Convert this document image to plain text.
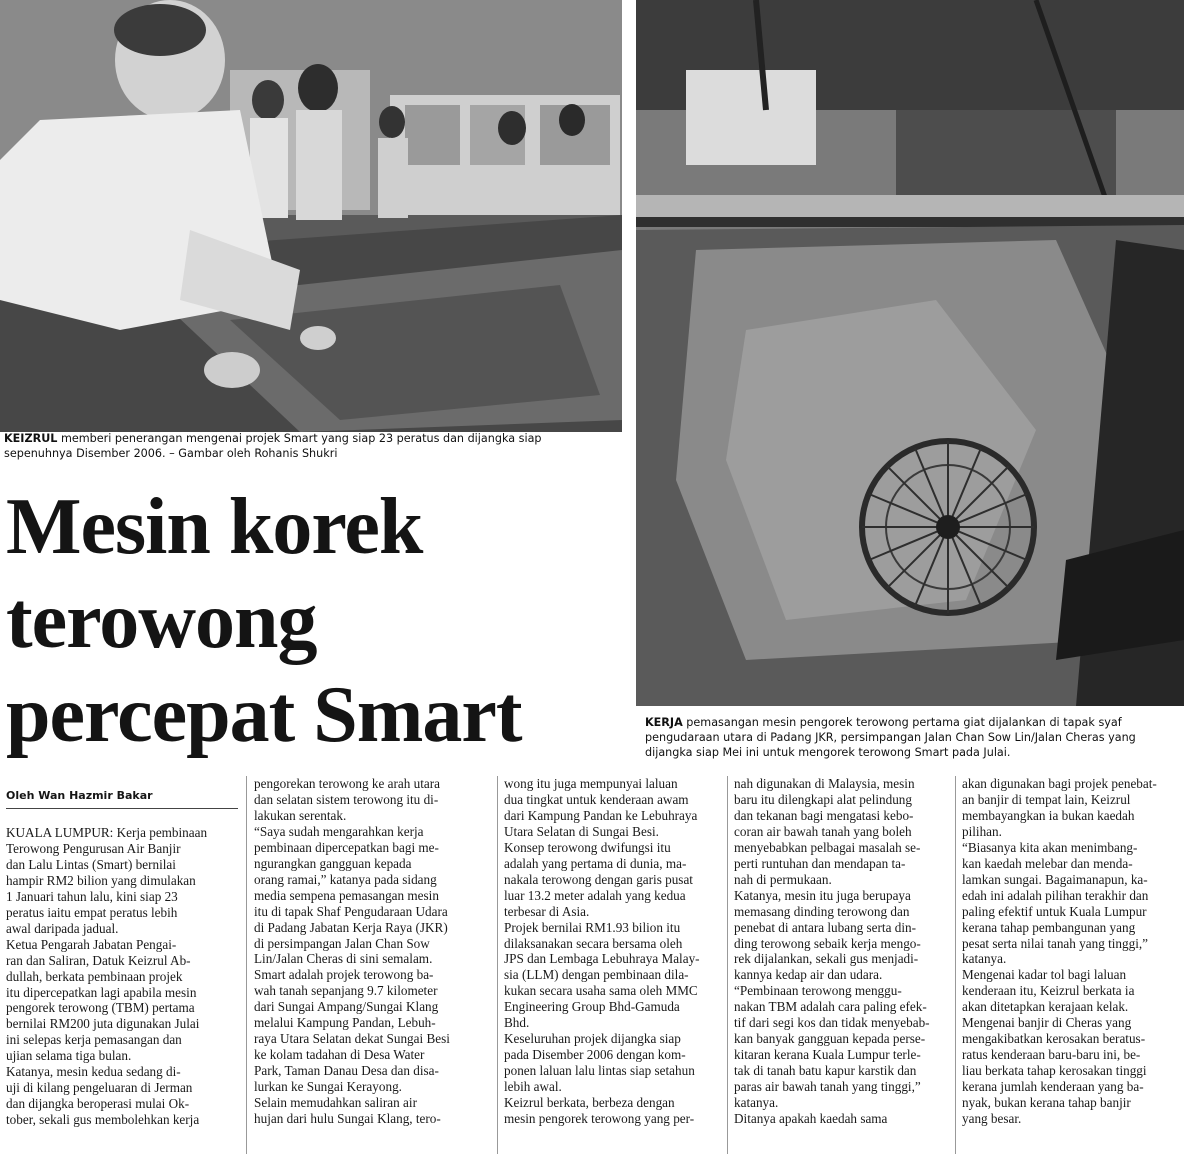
KEIZRUL memberi penerangan mengenai projek Smart yang siap 23 peratus dan dijangka siap
sepenuhnya Disember 2006. – Gambar oleh Rohanis Shukri
Mesin korek
terowong
percepat Smart	KERJA pemasangan mesin pengorek terowong pertama giat dijalankan di tapak syaf
pengudaraan utara di Padang JKR, persimpangan Jalan Chan Sow Lin/Jalan Cheras yang
dijangka siap Mei ini untuk mengorek terowong Smart pada Julai.
Oleh Wan Hazmir Bakar

KUALA LUMPUR: Kerja pembinaan

Terowong Pengurusan Air Banjir

dan Lalu Lintas (Smart) bernilai

hampir RM2 bilion yang dimulakan

1 Januari tahun lalu, kini siap 23

peratus iaitu empat peratus lebih

awal daripada jadual.

Ketua Pengarah Jabatan Pengai-

ran dan Saliran, Datuk Keizrul Ab-

dullah, berkata pembinaan projek

itu dipercepatkan lagi apabila mesin

pengorek terowong (TBM) pertama

bernilai RM200 juta digunakan Julai

ini selepas kerja pemasangan dan

ujian selama tiga bulan.

Katanya, mesin kedua sedang di-

uji di kilang pengeluaran di Jerman

dan dijangka beroperasi mulai Ok-

tober, sekali gus membolehkan kerja

pengorekan terowong ke arah utara

dan selatan sistem terowong itu di-

lakukan serentak.

“Saya sudah mengarahkan kerja

pembinaan dipercepatkan bagi me-

ngurangkan gangguan kepada

orang ramai,” katanya pada sidang

media sempena pemasangan mesin

itu di tapak Shaf Pengudaraan Udara

di Padang Jabatan Kerja Raya (JKR)

di persimpangan Jalan Chan Sow

Lin/Jalan Cheras di sini semalam.

Smart adalah projek terowong ba-

wah tanah sepanjang 9.7 kilometer

dari Sungai Ampang/Sungai Klang

melalui Kampung Pandan, Lebuh-

raya Utara Selatan dekat Sungai Besi

ke kolam tadahan di Desa Water

Park, Taman Danau Desa dan disa-

lurkan ke Sungai Kerayong.

Selain memudahkan saliran air

hujan dari hulu Sungai Klang, tero-

wong itu juga mempunyai laluan

dua tingkat untuk kenderaan awam

dari Kampung Pandan ke Lebuhraya

Utara Selatan di Sungai Besi.

Konsep terowong dwifungsi itu

adalah yang pertama di dunia, ma-

nakala terowong dengan garis pusat

luar 13.2 meter adalah yang kedua

terbesar di Asia.

Projek bernilai RM1.93 bilion itu

dilaksanakan secara bersama oleh

JPS dan Lembaga Lebuhraya Malay-

sia (LLM) dengan pembinaan dila-

kukan secara usaha sama oleh MMC

Engineering Group Bhd-Gamuda

Bhd.

Keseluruhan projek dijangka siap

pada Disember 2006 dengan kom-

ponen laluan lalu lintas siap setahun

lebih awal.

Keizrul berkata, berbeza dengan

mesin pengorek terowong yang per-

nah digunakan di Malaysia, mesin

baru itu dilengkapi alat pelindung

dan tekanan bagi mengatasi kebo-

coran air bawah tanah yang boleh

menyebabkan pelbagai masalah se-

perti runtuhan dan mendapan ta-

nah di permukaan.

Katanya, mesin itu juga berupaya

memasang dinding terowong dan

penebat di antara lubang serta din-

ding terowong sebaik kerja mengo-

rek dijalankan, sekali gus menjadi-

kannya kedap air dan udara.

“Pembinaan terowong menggu-

nakan TBM adalah cara paling efek-

tif dari segi kos dan tidak menyebab-

kan banyak gangguan kepada perse-

kitaran kerana Kuala Lumpur terle-

tak di tanah batu kapur karstik dan

paras air bawah tanah yang tinggi,”

katanya.

Ditanya apakah kaedah sama

akan digunakan bagi projek penebat-

an banjir di tempat lain, Keizrul

membayangkan ia bukan kaedah

pilihan.

“Biasanya kita akan menimbang-

kan kaedah melebar dan menda-

lamkan sungai. Bagaimanapun, ka-

edah ini adalah pilihan terakhir dan

paling efektif untuk Kuala Lumpur

kerana tahap pembangunan yang

pesat serta nilai tanah yang tinggi,”

katanya.

Mengenai kadar tol bagi laluan

kenderaan itu, Keizrul berkata ia

akan ditetapkan kerajaan kelak.

Mengenai banjir di Cheras yang

mengakibatkan kerosakan beratus-

ratus kenderaan baru-baru ini, be-

liau berkata tahap kerosakan tinggi

kerana jumlah kenderaan yang ba-

nyak, bukan kerana tahap banjir

yang besar.
